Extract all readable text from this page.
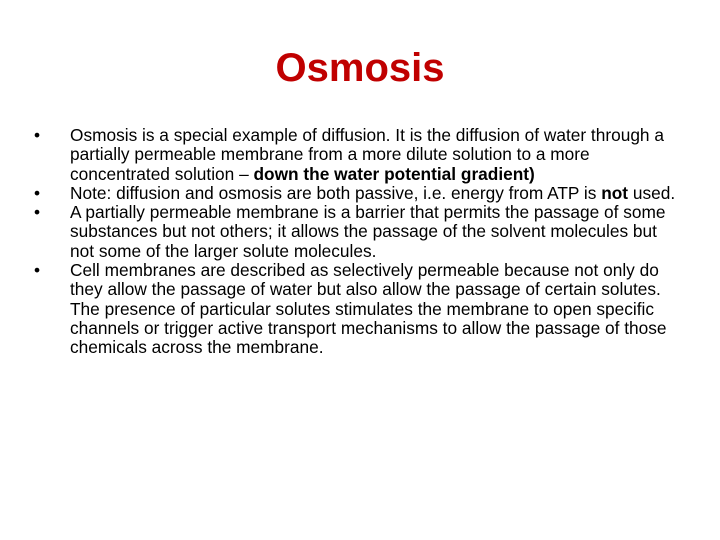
Osmosis
•	Osmosis is a special example of diffusion. It is the diffusion of water through a partially permeable membrane from a more dilute solution to a more concentrated solution – down the water potential gradient)
•	Note: diffusion and osmosis are both passive, i.e. energy from ATP is not used.
•	A partially permeable membrane is a barrier that permits the passage of some substances but not others; it allows the passage of the solvent molecules but not some of the larger solute molecules.
•	Cell membranes are described as selectively permeable because not only do they allow the passage of water but also allow the passage of certain solutes. The presence of particular solutes stimulates the membrane to open specific channels or trigger active transport mechanisms to allow the passage of those chemicals across the membrane.
